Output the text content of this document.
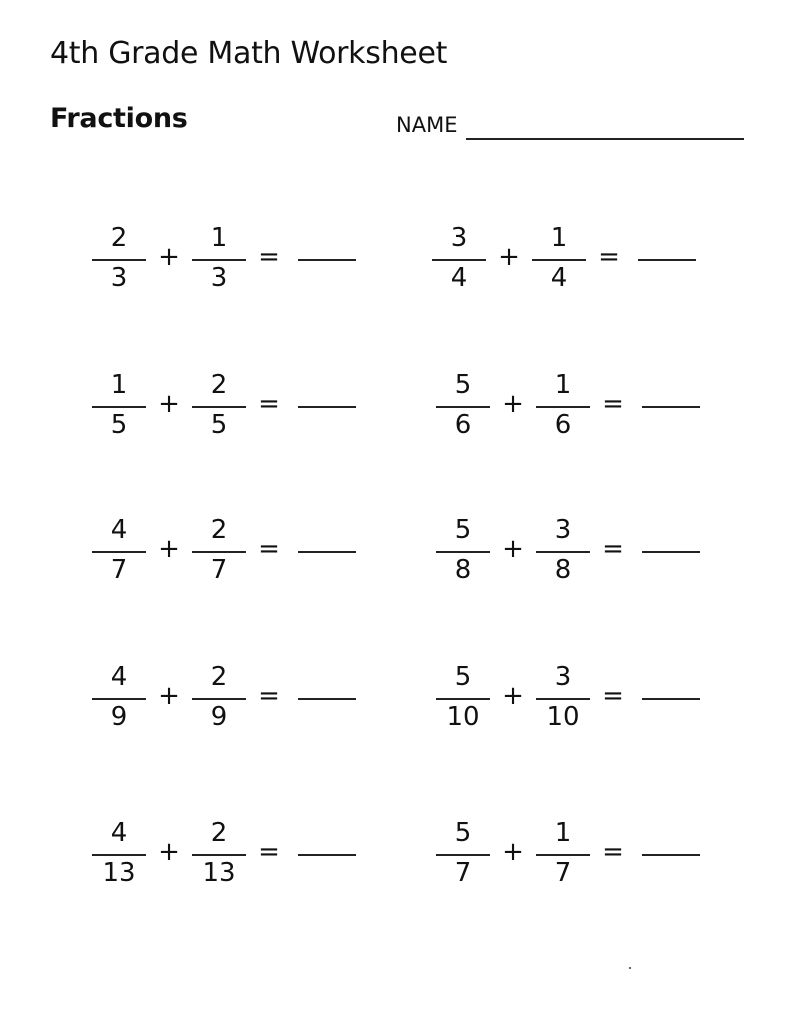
4th Grade Math Worksheet
Fractions	NAME
2
3
+
1
3
=
3
4
+
1
4
=
1
5
+
2
5
=
5
6
+
1
6
=
4
7
+
2
7
=
5
8
+
3
8
=
4
9
+
2
9
=
5
10
+
3
10
=
4
13
+
2
13
=
5
7
+
1
7
=
